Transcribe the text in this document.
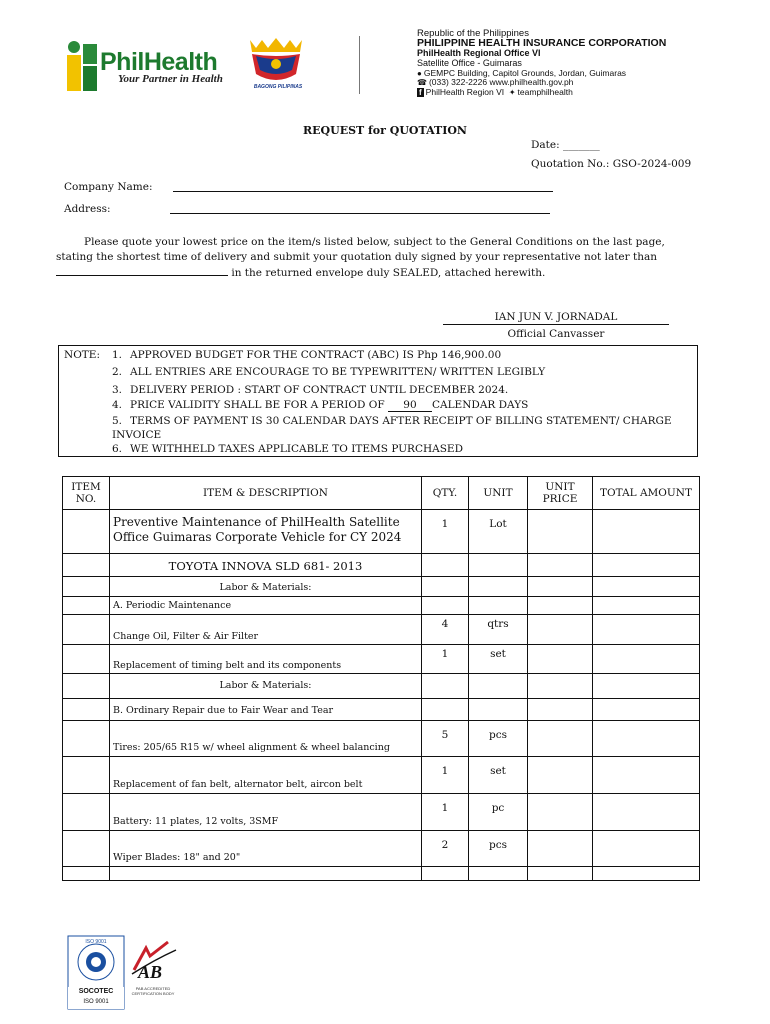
PhilHealth
Your Partner in Health
BAGONG PILIPINAS
Republic of the Philippines
PHILIPPINE HEALTH INSURANCE CORPORATION
PhilHealth Regional Office VI
Satellite Office - Guimaras
● GEMPC Building, Capitol Grounds, Jordan, Guimaras
☎ (033) 322-2226 www.philhealth.gov.ph
f PhilHealth Region VI ✦ teamphilhealth
REQUEST for QUOTATION
Date: _______
Quotation No.: GSO-2024-009
Company Name:
Address:
Please quote your lowest price on the item/s listed below, subject to the General Conditions on the last page, stating the shortest time of delivery and submit your quotation duly signed by your representative not later than
in the returned envelope duly SEALED, attached herewith.
IAN JUN V. JORNADAL
Official Canvasser
NOTE: 1. APPROVED BUDGET FOR THE CONTRACT (ABC) IS Php 146,900.00
2. ALL ENTRIES ARE ENCOURAGE TO BE TYPEWRITTEN/ WRITTEN LEGIBLY
3. DELIVERY PERIOD : START OF CONTRACT UNTIL DECEMBER 2024.
4. PRICE VALIDITY SHALL BE FOR A PERIOD OF 90 CALENDAR DAYS
5. TERMS OF PAYMENT IS 30 CALENDAR DAYS AFTER RECEIPT OF BILLING STATEMENT/ CHARGE
INVOICE
6. WE WITHHELD TAXES APPLICABLE TO ITEMS PURCHASED
ITEM NO.	ITEM & DESCRIPTION	QTY.	UNIT	UNIT PRICE	TOTAL AMOUNT
	Preventive Maintenance of PhilHealth Satellite Office Guimaras Corporate Vehicle for CY 2024	1	Lot		
	TOYOTA INNOVA SLD 681- 2013				
	Labor & Materials:				
	A. Periodic Maintenance				
	Change Oil, Filter & Air Filter	4	qtrs		
	Replacement of timing belt and its components	1	set		
	Labor & Materials:				
	B. Ordinary Repair due to Fair Wear and Tear				
	Tires: 205/65 R15 w/ wheel alignment & wheel balancing	5	pcs		
	Replacement of fan belt, alternator belt, aircon belt	1	set		
	Battery: 11 plates, 12 volts, 3SMF	1	pc		
	Wiper Blades: 18" and 20"	2	pcs		

ISO 9001
SOCOTEC
ISO 9001
AB
PAB ACCREDITED CERTIFICATION BODY
